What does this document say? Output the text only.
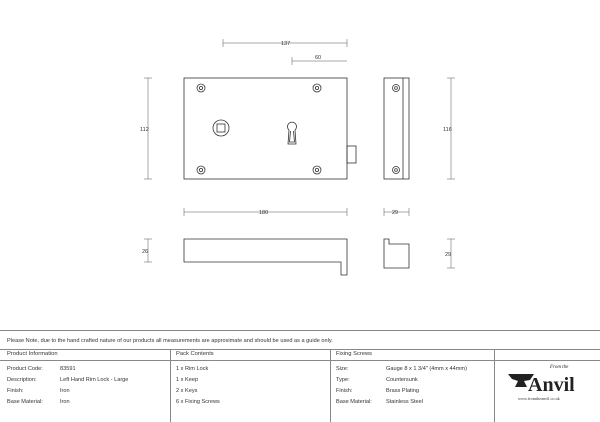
137
60
112	116
180	29
26	29
Please Note, due to the hand crafted nature of our products all measurements are approximate and should be used as a guide only.
Product Information
Product Code:	83591
Description:	Left Hand Rim Lock - Large
Finish:	Iron
Base Material:	Iron
Pack Contents
1 x Rim Lock
1 x Keep
2 x Keys
6 x Fixing Screws
Fixing Screws
Size:	Gauge 8 x 1 3/4" (4mm x 44mm)
Type:	Countersunk
Finish:	Brass Plating
Base Material:	Stainless Steel
From the
Anvil
www.fromtheanvil.co.uk
